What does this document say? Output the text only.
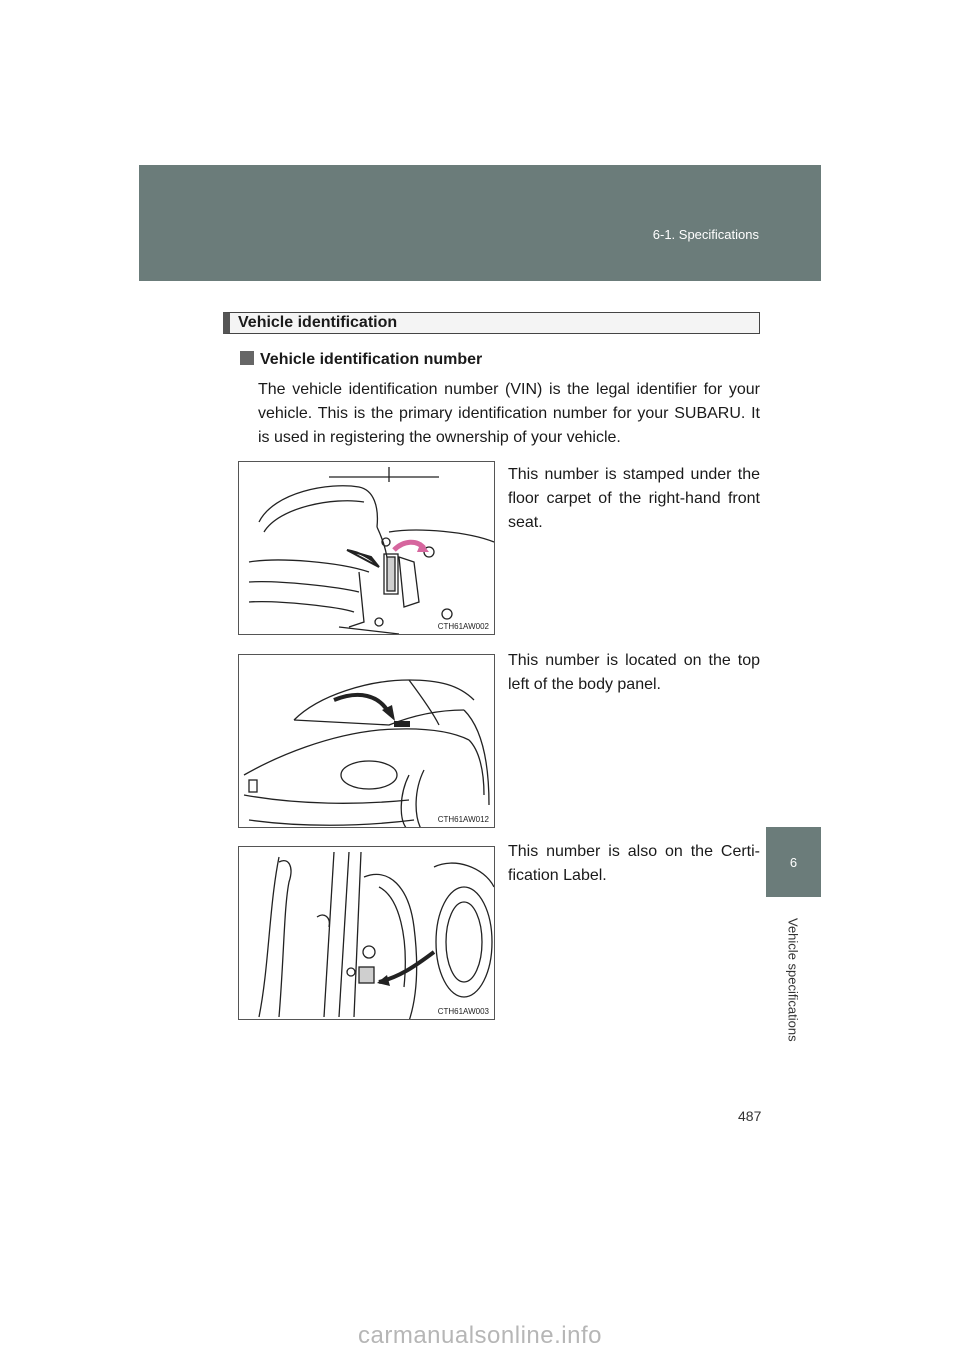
6-1. Specifications
6
Vehicle specifications
Vehicle identification
Vehicle identification number
The vehicle identification number (VIN) is the legal identifier for your vehicle. This is the primary identification number for your SUBARU. It is used in registering the ownership of your vehicle.
CTH61AW002
This number is stamped under the floor carpet of the right-hand front seat.
CTH61AW012
This number is located on the top left of the body panel.
CTH61AW003
This number is also on the Certi-fication Label.
487
carmanualsonline.info
